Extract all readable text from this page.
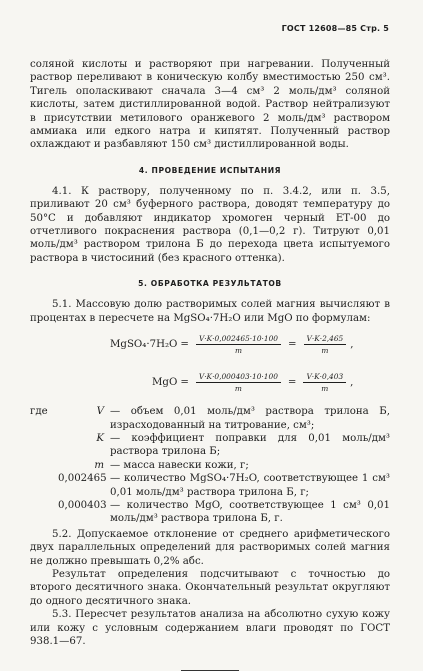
ГОСТ 12608—85 Стр. 5

соляной кислоты и растворяют при нагревании. Полученный раствор переливают в коническую колбу вместимостью 250 см³. Тигель ополаскивают сначала 3—4 см³ 2 моль/дм³ соляной кислоты, затем дистиллированной водой. Раствор нейтрализуют в присутствии метилового оранжевого 2 моль/дм³ раствором аммиака или едкого натра и кипятят. Полученный раствор охлаждают и разбавляют 150 см³ дистиллированной воды.

4. ПРОВЕДЕНИЕ ИСПЫТАНИЯ

4.1. К раствору, полученному по п. 3.4.2, или п. 3.5, приливают 20 см³ буферного раствора, доводят температуру до 50°С и добавляют индикатор хромоген черный ЕТ-00 до отчетливого покраснения раствора (0,1—0,2 г). Титруют 0,01 моль/дм³ раствором трилона Б до перехода цвета испытуемого раствора в чистосиний (без красного оттенка).

5. ОБРАБОТКА РЕЗУЛЬТАТОВ

5.1. Массовую долю растворимых солей магния вычисляют в процентах в пересчете на MgSO₄·7H₂O или MgO по формулам:

MgSO₄·7H₂O = $\frac{V\cdot K\cdot 0,002465\cdot 10\cdot 100}{m} = \frac{V\cdot K\cdot 2,465}{m}$ ,
MgO = $\frac{V\cdot K\cdot 0,000403\cdot 10\cdot 100}{m} = \frac{V\cdot K\cdot 0,403}{m}$ ,
где	V — объем 0,01 моль/дм³ раствора трилона Б, израсходованный на титрование, см³;
K — коэффициент поправки для 0,01 моль/дм³ раствора трилона Б;
m — масса навески кожи, г;
0,002465 — количество MgSO₄·7H₂O, соответствующее 1 см³ 0,01 моль/дм³ раствора трилона Б, г;
0,000403 — количество MgO, соответствующее 1 см³ 0,01 моль/дм³ раствора трилона Б, г.

5.2. Допускаемое отклонение от среднего арифметического двух параллельных определений для растворимых солей магния не должно превышать 0,2% абс.

Результат определения подсчитывают с точностью до второго десятичного знака. Окончательный результат округляют до одного десятичного знака.

5.3. Пересчет результатов анализа на абсолютно сухую кожу или кожу с условным содержанием влаги проводят по ГОСТ 938.1—67.
